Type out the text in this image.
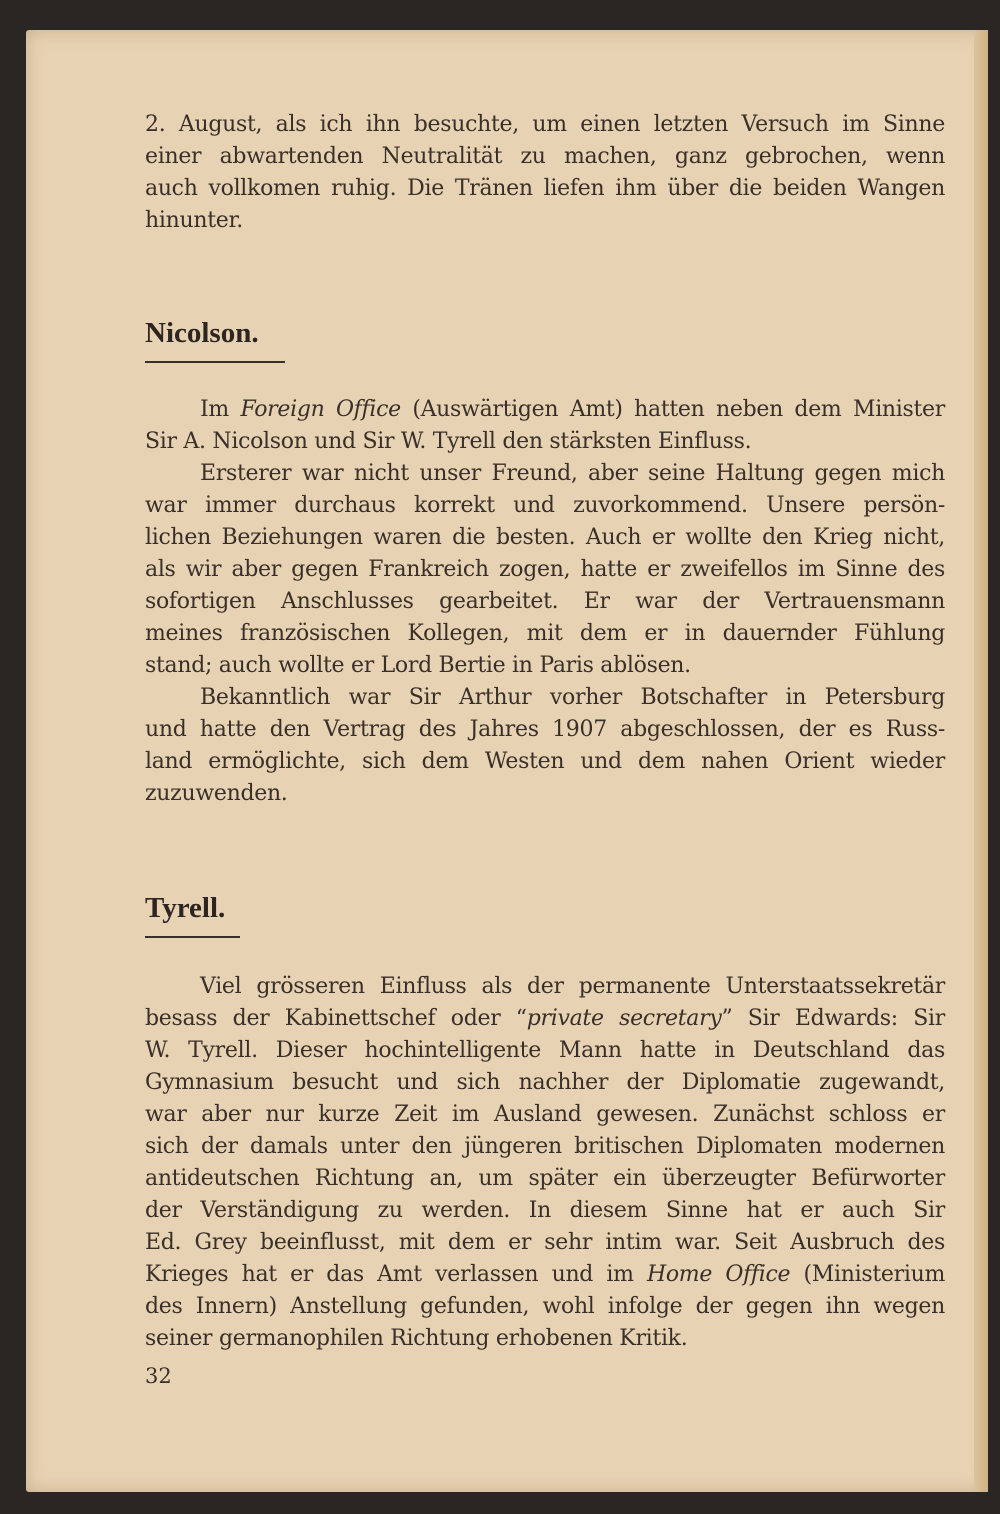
2. August, als ich ihn besuchte, um einen letzten Versuch im Sinne
einer abwartenden Neutralität zu machen, ganz gebrochen, wenn
auch vollkomen ruhig. Die Tränen liefen ihm über die beiden Wangen
hinunter.
Nicolson.
Im Foreign Office (Auswärtigen Amt) hatten neben dem Minister
Sir A. Nicolson und Sir W. Tyrell den stärksten Einfluss.
Ersterer war nicht unser Freund, aber seine Haltung gegen mich
war immer durchaus korrekt und zuvorkommend. Unsere persön-
lichen Beziehungen waren die besten. Auch er wollte den Krieg nicht,
als wir aber gegen Frankreich zogen, hatte er zweifellos im Sinne des
sofortigen Anschlusses gearbeitet. Er war der Vertrauensmann
meines französischen Kollegen, mit dem er in dauernder Fühlung
stand; auch wollte er Lord Bertie in Paris ablösen.
Bekanntlich war Sir Arthur vorher Botschafter in Petersburg
und hatte den Vertrag des Jahres 1907 abgeschlossen, der es Russ-
land ermöglichte, sich dem Westen und dem nahen Orient wieder
zuzuwenden.
Tyrell.
Viel grösseren Einfluss als der permanente Unterstaatssekretär
besass der Kabinettschef oder “private secretary” Sir Edwards: Sir
W. Tyrell. Dieser hochintelligente Mann hatte in Deutschland das
Gymnasium besucht und sich nachher der Diplomatie zugewandt,
war aber nur kurze Zeit im Ausland gewesen. Zunächst schloss er
sich der damals unter den jüngeren britischen Diplomaten modernen
antideutschen Richtung an, um später ein überzeugter Befürworter
der Verständigung zu werden. In diesem Sinne hat er auch Sir
Ed. Grey beeinflusst, mit dem er sehr intim war. Seit Ausbruch des
Krieges hat er das Amt verlassen und im Home Office (Ministerium
des Innern) Anstellung gefunden, wohl infolge der gegen ihn wegen
seiner germanophilen Richtung erhobenen Kritik.
32
